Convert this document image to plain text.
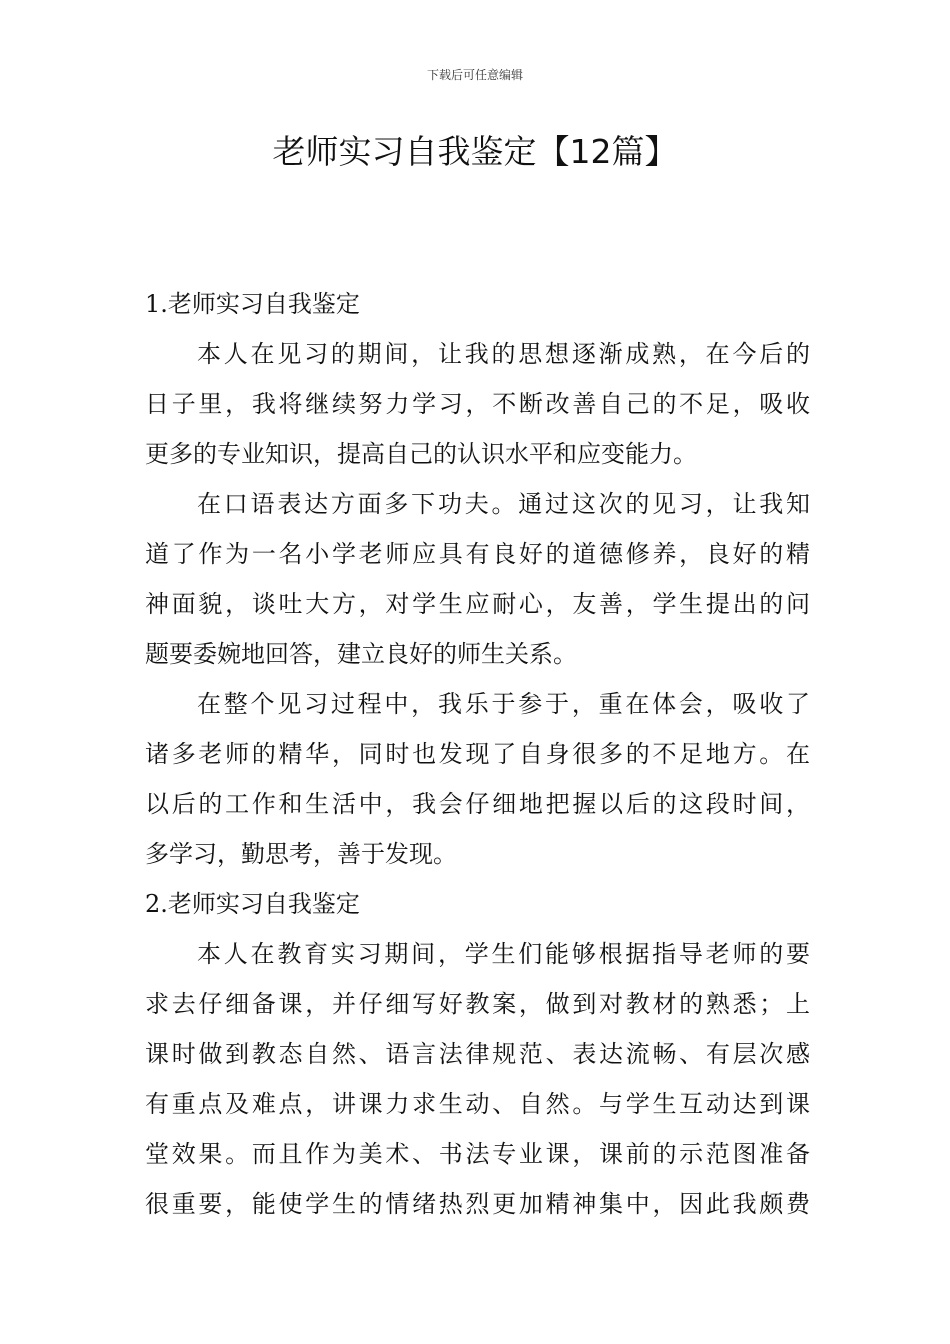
下载后可任意编辑
老师实习自我鉴定【12篇】
1.老师实习自我鉴定
本人在见习的期间，让我的思想逐渐成熟，在今后的
日子里，我将继续努力学习，不断改善自己的不足，吸收
更多的专业知识，提高自己的认识水平和应变能力。
在口语表达方面多下功夫。通过这次的见习，让我知
道了作为一名小学老师应具有良好的道德修养，良好的精
神面貌，谈吐大方，对学生应耐心，友善，学生提出的问
题要委婉地回答，建立良好的师生关系。
在整个见习过程中，我乐于参于，重在体会，吸收了
诸多老师的精华，同时也发现了自身很多的不足地方。在
以后的工作和生活中，我会仔细地把握以后的这段时间，
多学习，勤思考，善于发现。
2.老师实习自我鉴定
本人在教育实习期间，学生们能够根据指导老师的要
求去仔细备课，并仔细写好教案，做到对教材的熟悉；上
课时做到教态自然、语言法律规范、表达流畅、有层次感
有重点及难点，讲课力求生动、自然。与学生互动达到课
堂效果。而且作为美术、书法专业课，课前的示范图准备
很重要，能使学生的情绪热烈更加精神集中，因此我颇费
